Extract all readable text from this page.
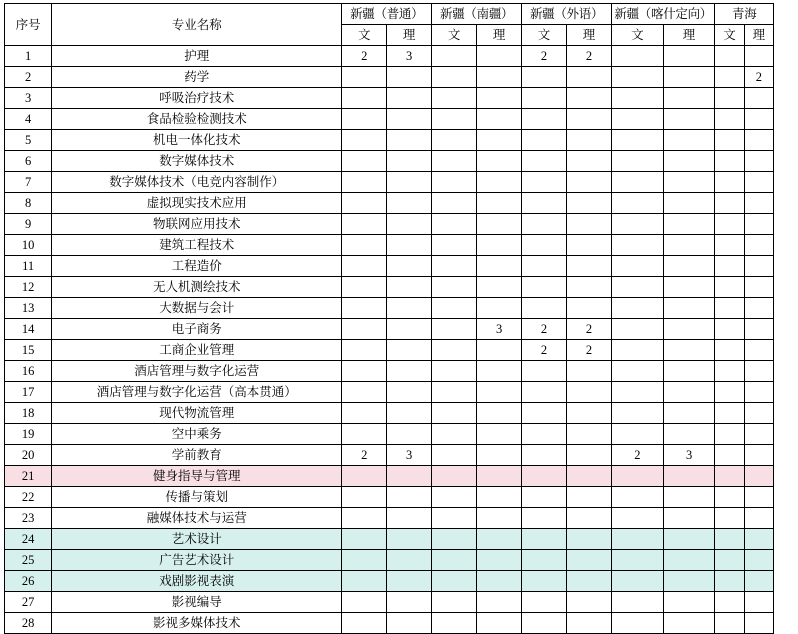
序号	专业名称	新疆（普通）		新疆（南疆）		新疆（外语）		新疆（喀什定向）		青海	
		文	理	文	理	文	理	文	理	文	理
1	护理	2	3			2	2				
2	药学										2
3	呼吸治疗技术										
4	食品检验检测技术										
5	机电一体化技术										
6	数字媒体技术										
7	数字媒体技术（电竞内容制作）										
8	虚拟现实技术应用										
9	物联网应用技术										
10	建筑工程技术										
11	工程造价										
12	无人机测绘技术										
13	大数据与会计										
14	电子商务				3	2	2				
15	工商企业管理					2	2				
16	酒店管理与数字化运营										
17	酒店管理与数字化运营（高本贯通）										
18	现代物流管理										
19	空中乘务										
20	学前教育	2	3					2	3		
21	健身指导与管理										
22	传播与策划										
23	融媒体技术与运营										
24	艺术设计										
25	广告艺术设计										
26	戏剧影视表演										
27	影视编导										
28	影视多媒体技术										
